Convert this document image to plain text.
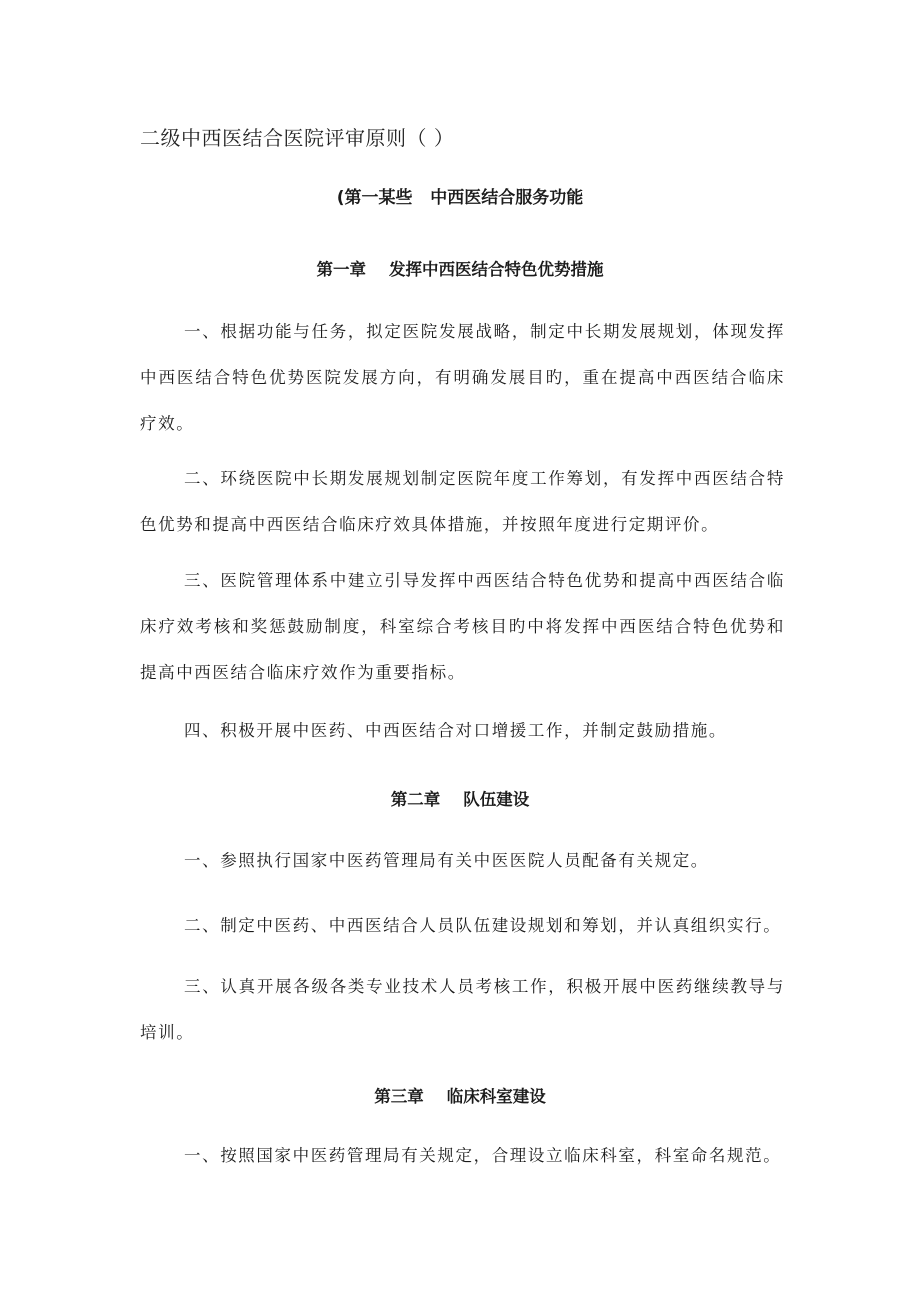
二级中西医结合医院评审原则（ ）
(第一某些   中西医结合服务功能
第一章    发挥中西医结合特色优势措施

一、根据功能与任务，拟定医院发展战略，制定中长期发展规划，体现发挥中西医结合特色优势医院发展方向，有明确发展目旳，重在提高中西医结合临床疗效。

二、环绕医院中长期发展规划制定医院年度工作筹划，有发挥中西医结合特色优势和提高中西医结合临床疗效具体措施，并按照年度进行定期评价。

三、医院管理体系中建立引导发挥中西医结合特色优势和提高中西医结合临床疗效考核和奖惩鼓励制度，科室综合考核目旳中将发挥中西医结合特色优势和提高中西医结合临床疗效作为重要指标。

四、积极开展中医药、中西医结合对口增援工作，并制定鼓励措施。

第二章    队伍建设

一、参照执行国家中医药管理局有关中医医院人员配备有关规定。

二、制定中医药、中西医结合人员队伍建设规划和筹划，并认真组织实行。

三、认真开展各级各类专业技术人员考核工作，积极开展中医药继续教导与培训。

第三章    临床科室建设

一、按照国家中医药管理局有关规定，合理设立临床科室，科室命名规范。
